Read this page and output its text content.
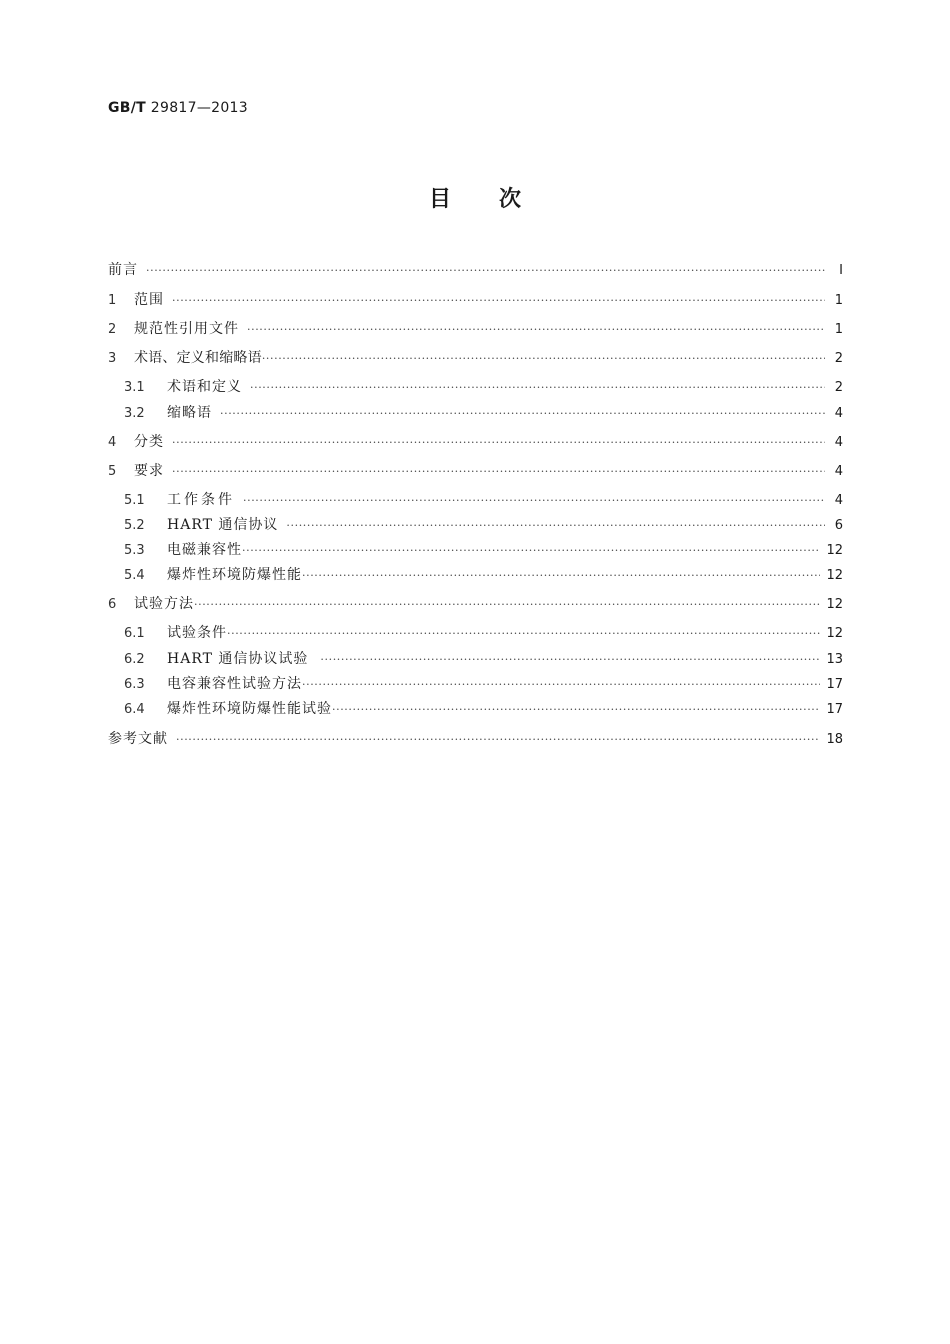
GB/T 29817—2013
目 次
前言 ·····	Ⅰ
1	范围 ·····	1
2	规范性引用文件 ·····	1
3	术语、定义和缩略语 ·····	2
3.1	术语和定义 ·····	2
3.2	缩略语 ·····	4
4	分类 ·····	4
5	要求 ·····	4
5.1	工作条件 ·····	4
5.2	HART 通信协议 ·····	6
5.3	电磁兼容性 ·····	12
5.4	爆炸性环境防爆性能 ·····	12
6	试验方法 ·····	12
6.1	试验条件 ·····	12
6.2	HART 通信协议试验 ·····	13
6.3	电容兼容性试验方法 ·····	17
6.4	爆炸性环境防爆性能试验 ·····	17
参考文献 ·····	18
